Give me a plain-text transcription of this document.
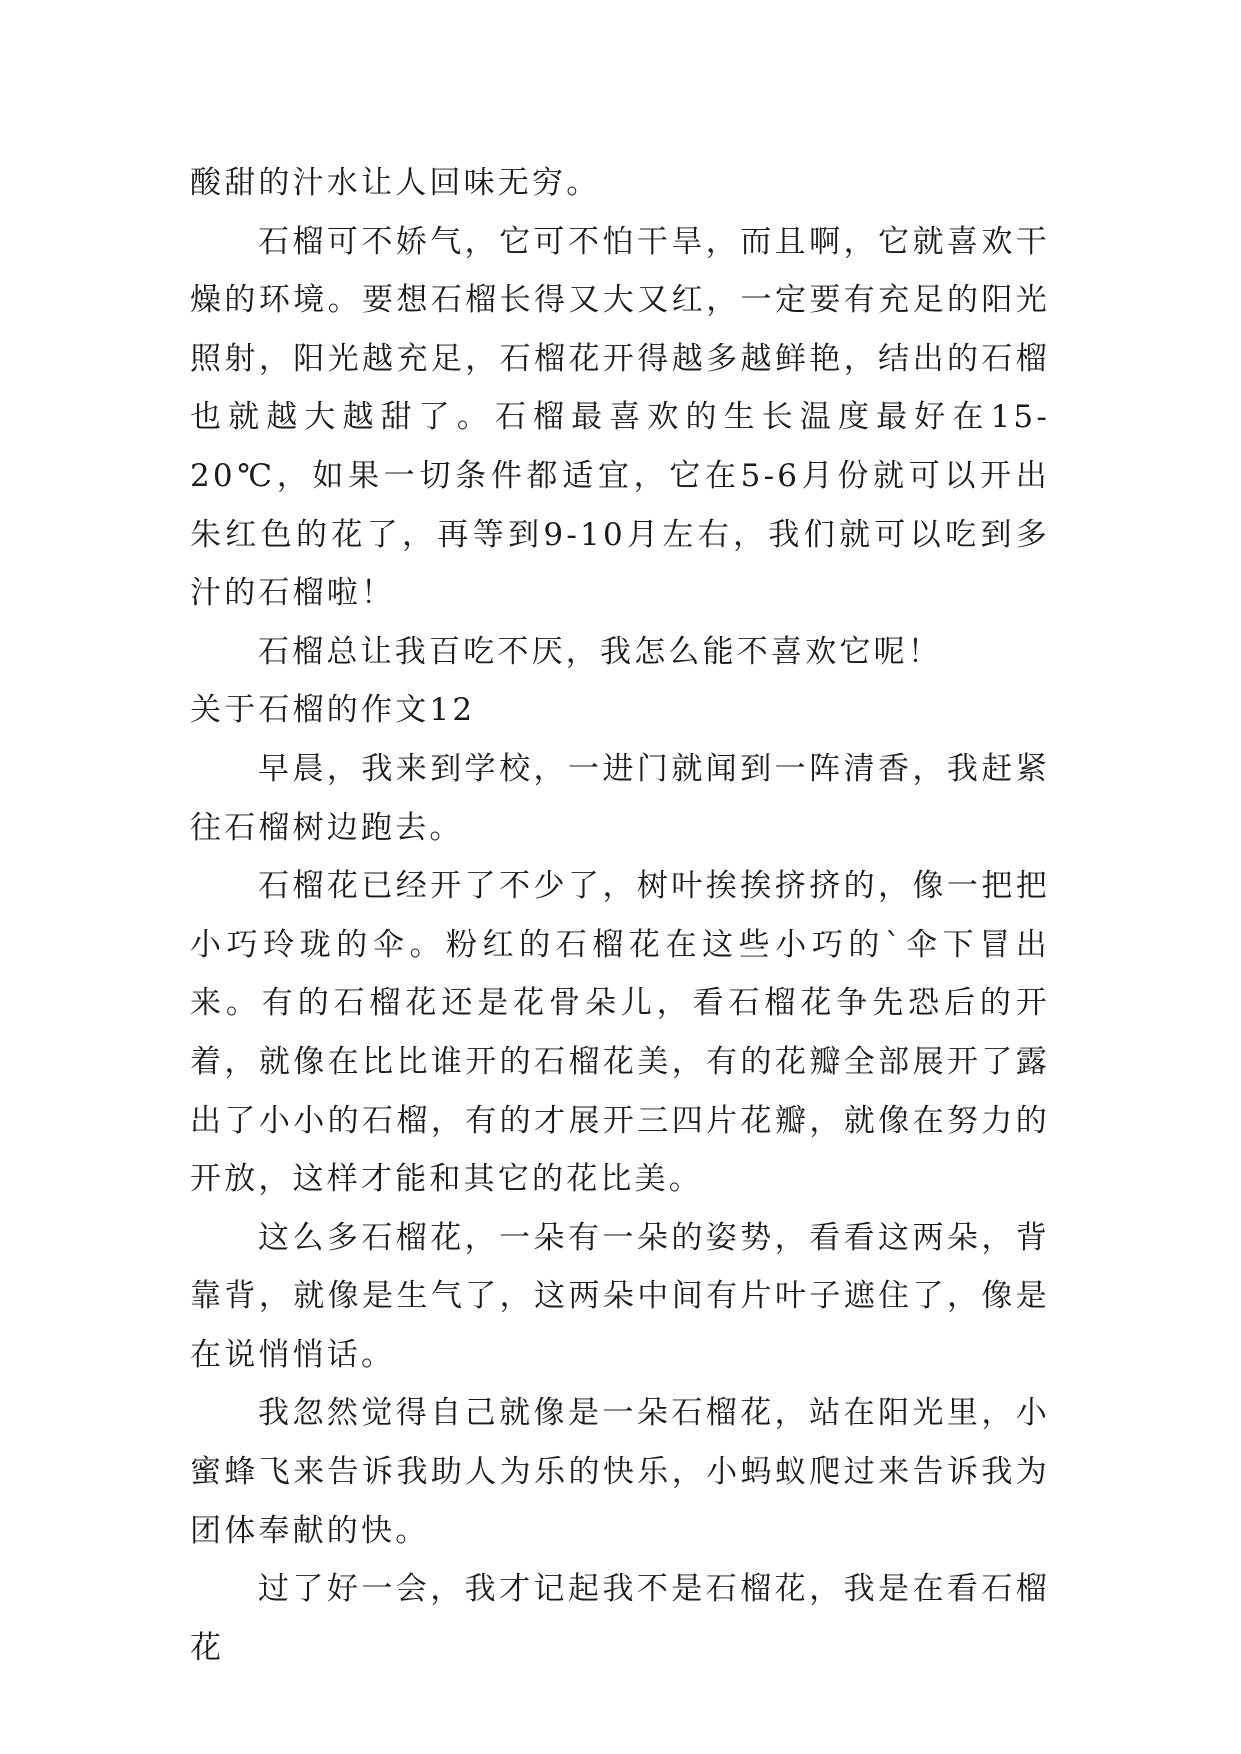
酸甜的汁水让人回味无穷。

石榴可不娇气，它可不怕干旱，而且啊，它就喜欢干燥的环境。要想石榴长得又大又红，一定要有充足的阳光照射，阳光越充足，石榴花开得越多越鲜艳，结出的石榴也就越大越甜了。石榴最喜欢的生长温度最好在15-20℃，如果一切条件都适宜，它在5-6月份就可以开出朱红色的花了，再等到9-10月左右，我们就可以吃到多汁的石榴啦！

石榴总让我百吃不厌，我怎么能不喜欢它呢！

关于石榴的作文12

早晨，我来到学校，一进门就闻到一阵清香，我赶紧往石榴树边跑去。

石榴花已经开了不少了，树叶挨挨挤挤的，像一把把小巧玲珑的伞。粉红的石榴花在这些小巧的`伞下冒出来。有的石榴花还是花骨朵儿，看石榴花争先恐后的开着，就像在比比谁开的石榴花美，有的花瓣全部展开了露出了小小的石榴，有的才展开三四片花瓣，就像在努力的开放，这样才能和其它的花比美。

这么多石榴花，一朵有一朵的姿势，看看这两朵，背靠背，就像是生气了，这两朵中间有片叶子遮住了，像是在说悄悄话。

我忽然觉得自己就像是一朵石榴花，站在阳光里，小蜜蜂飞来告诉我助人为乐的快乐，小蚂蚁爬过来告诉我为团体奉献的快。

过了好一会，我才记起我不是石榴花，我是在看石榴花
